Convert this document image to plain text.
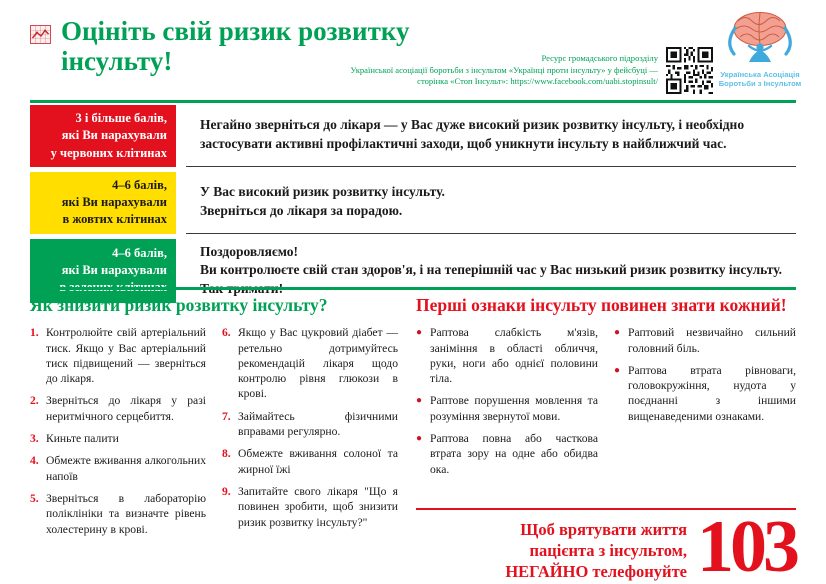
Оцініть свій ризик розвитку
інсульту!	Ресурс громадського підрозділу
Української асоціації боротьби з інсультом «Українці проти інсульту» у фейсбуці —
сторінка «Стоп Інсульт»: https://www.facebook.com/uabi.stopinsult/
Українська Асоціація
Боротьби з Інсультом
3 і більше балів,
які Ви нарахували
у червоних клітинах

Негайно зверніться до лікаря — у Вас дуже високий ризик розвитку інсульту, і необхідно застосувати активні профілактичні заходи, щоб уникнути інсульту в найближчий час.

4–6 балів,
які Ви нарахували
в жовтих клітинах

У Вас високий ризик розвитку інсульту.

Зверніться до лікаря за порадою.

4–6 балів,
які Ви нарахували

Поздоровляємо!

Ви контролюєте свій стан здоров'я, і на теперішній час у Вас низький ризик розвитку інсульту.

Як знизити ризик розвитку інсульту?
1. Контролюйте свій артеріальний тиск. Якщо у Вас артеріальний тиск підвищений — зверніться до лікаря.
2. Зверніться до лікаря у разі неритмічного серцебиття.
3. Киньте палити
4. Обмежте вживання алкогольних напоїв
5. Зверніться в лабораторію поліклініки та визначте рівень холестерину в крові.
6. Якщо у Вас цукровий діабет — ретельно дотримуйтесь рекомендацій лікаря щодо контролю рівня глюкози в крові.
7. Займайтесь фізичними вправами регулярно.
8. Обмежте вживання солоної та жирної їжі
9. Запитайте свого лікаря "Що я повинен зробити, щоб знизити ризик розвитку інсульту?"
Перші ознаки інсульту повинен знати кожний!
● Раптова слабкість м'язів, заніміння в області обличчя, руки, ноги або однієї половини тіла.
● Раптове порушення мовлення та розуміння звернутої мови.
● Раптова повна або часткова втрата зору на одне або обидва ока.
● Раптовий незвичайно сильний головний біль.
● Раптова втрата рівноваги, головокружіння, нудота у поєднанні з іншими вищенаведеними ознаками.
Щоб врятувати життя
пацієнта з інсультом,
НЕГАЙНО телефонуйте 103
